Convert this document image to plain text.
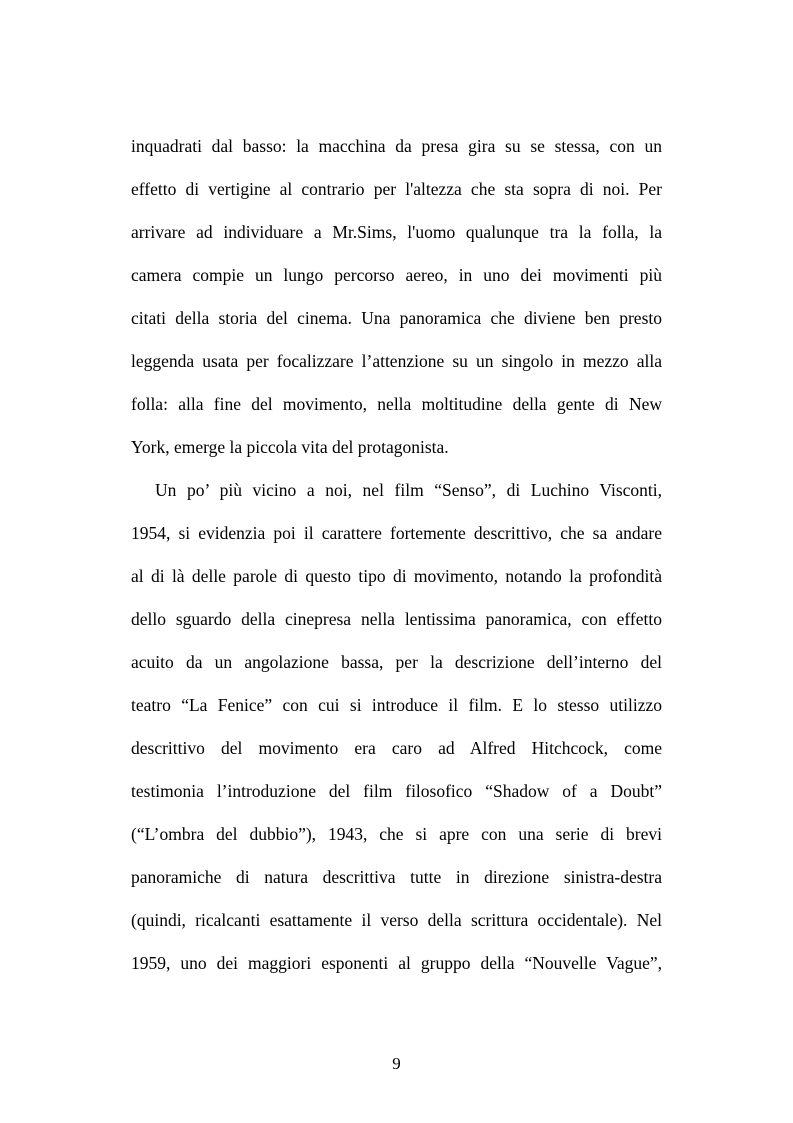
inquadrati dal basso: la macchina da presa gira su se stessa, con un
effetto di vertigine al contrario per l'altezza che sta sopra di noi. Per
arrivare ad individuare a Mr.Sims, l'uomo qualunque tra la folla, la
camera compie un lungo percorso aereo, in uno dei movimenti più
citati della storia del cinema. Una panoramica che diviene ben presto
leggenda usata per focalizzare l’attenzione su un singolo in mezzo alla
folla: alla fine del movimento, nella moltitudine della gente di New
York, emerge la piccola vita del protagonista.

Un po’ più vicino a noi, nel film “Senso”, di Luchino Visconti,
1954, si evidenzia poi il carattere fortemente descrittivo, che sa andare
al di là delle parole di questo tipo di movimento, notando la profondità
dello sguardo della cinepresa nella lentissima panoramica, con effetto
acuito da un angolazione bassa, per la descrizione dell’interno del
teatro “La Fenice” con cui si introduce il film. E lo stesso utilizzo
descrittivo del movimento era caro ad Alfred Hitchcock, come
testimonia l’introduzione del film filosofico “Shadow of a Doubt”
(“L’ombra del dubbio”), 1943, che si apre con una serie di brevi
panoramiche di natura descrittiva tutte in direzione sinistra-destra
(quindi, ricalcanti esattamente il verso della scrittura occidentale). Nel
1959, uno dei maggiori esponenti al gruppo della “Nouvelle Vague”,

9
